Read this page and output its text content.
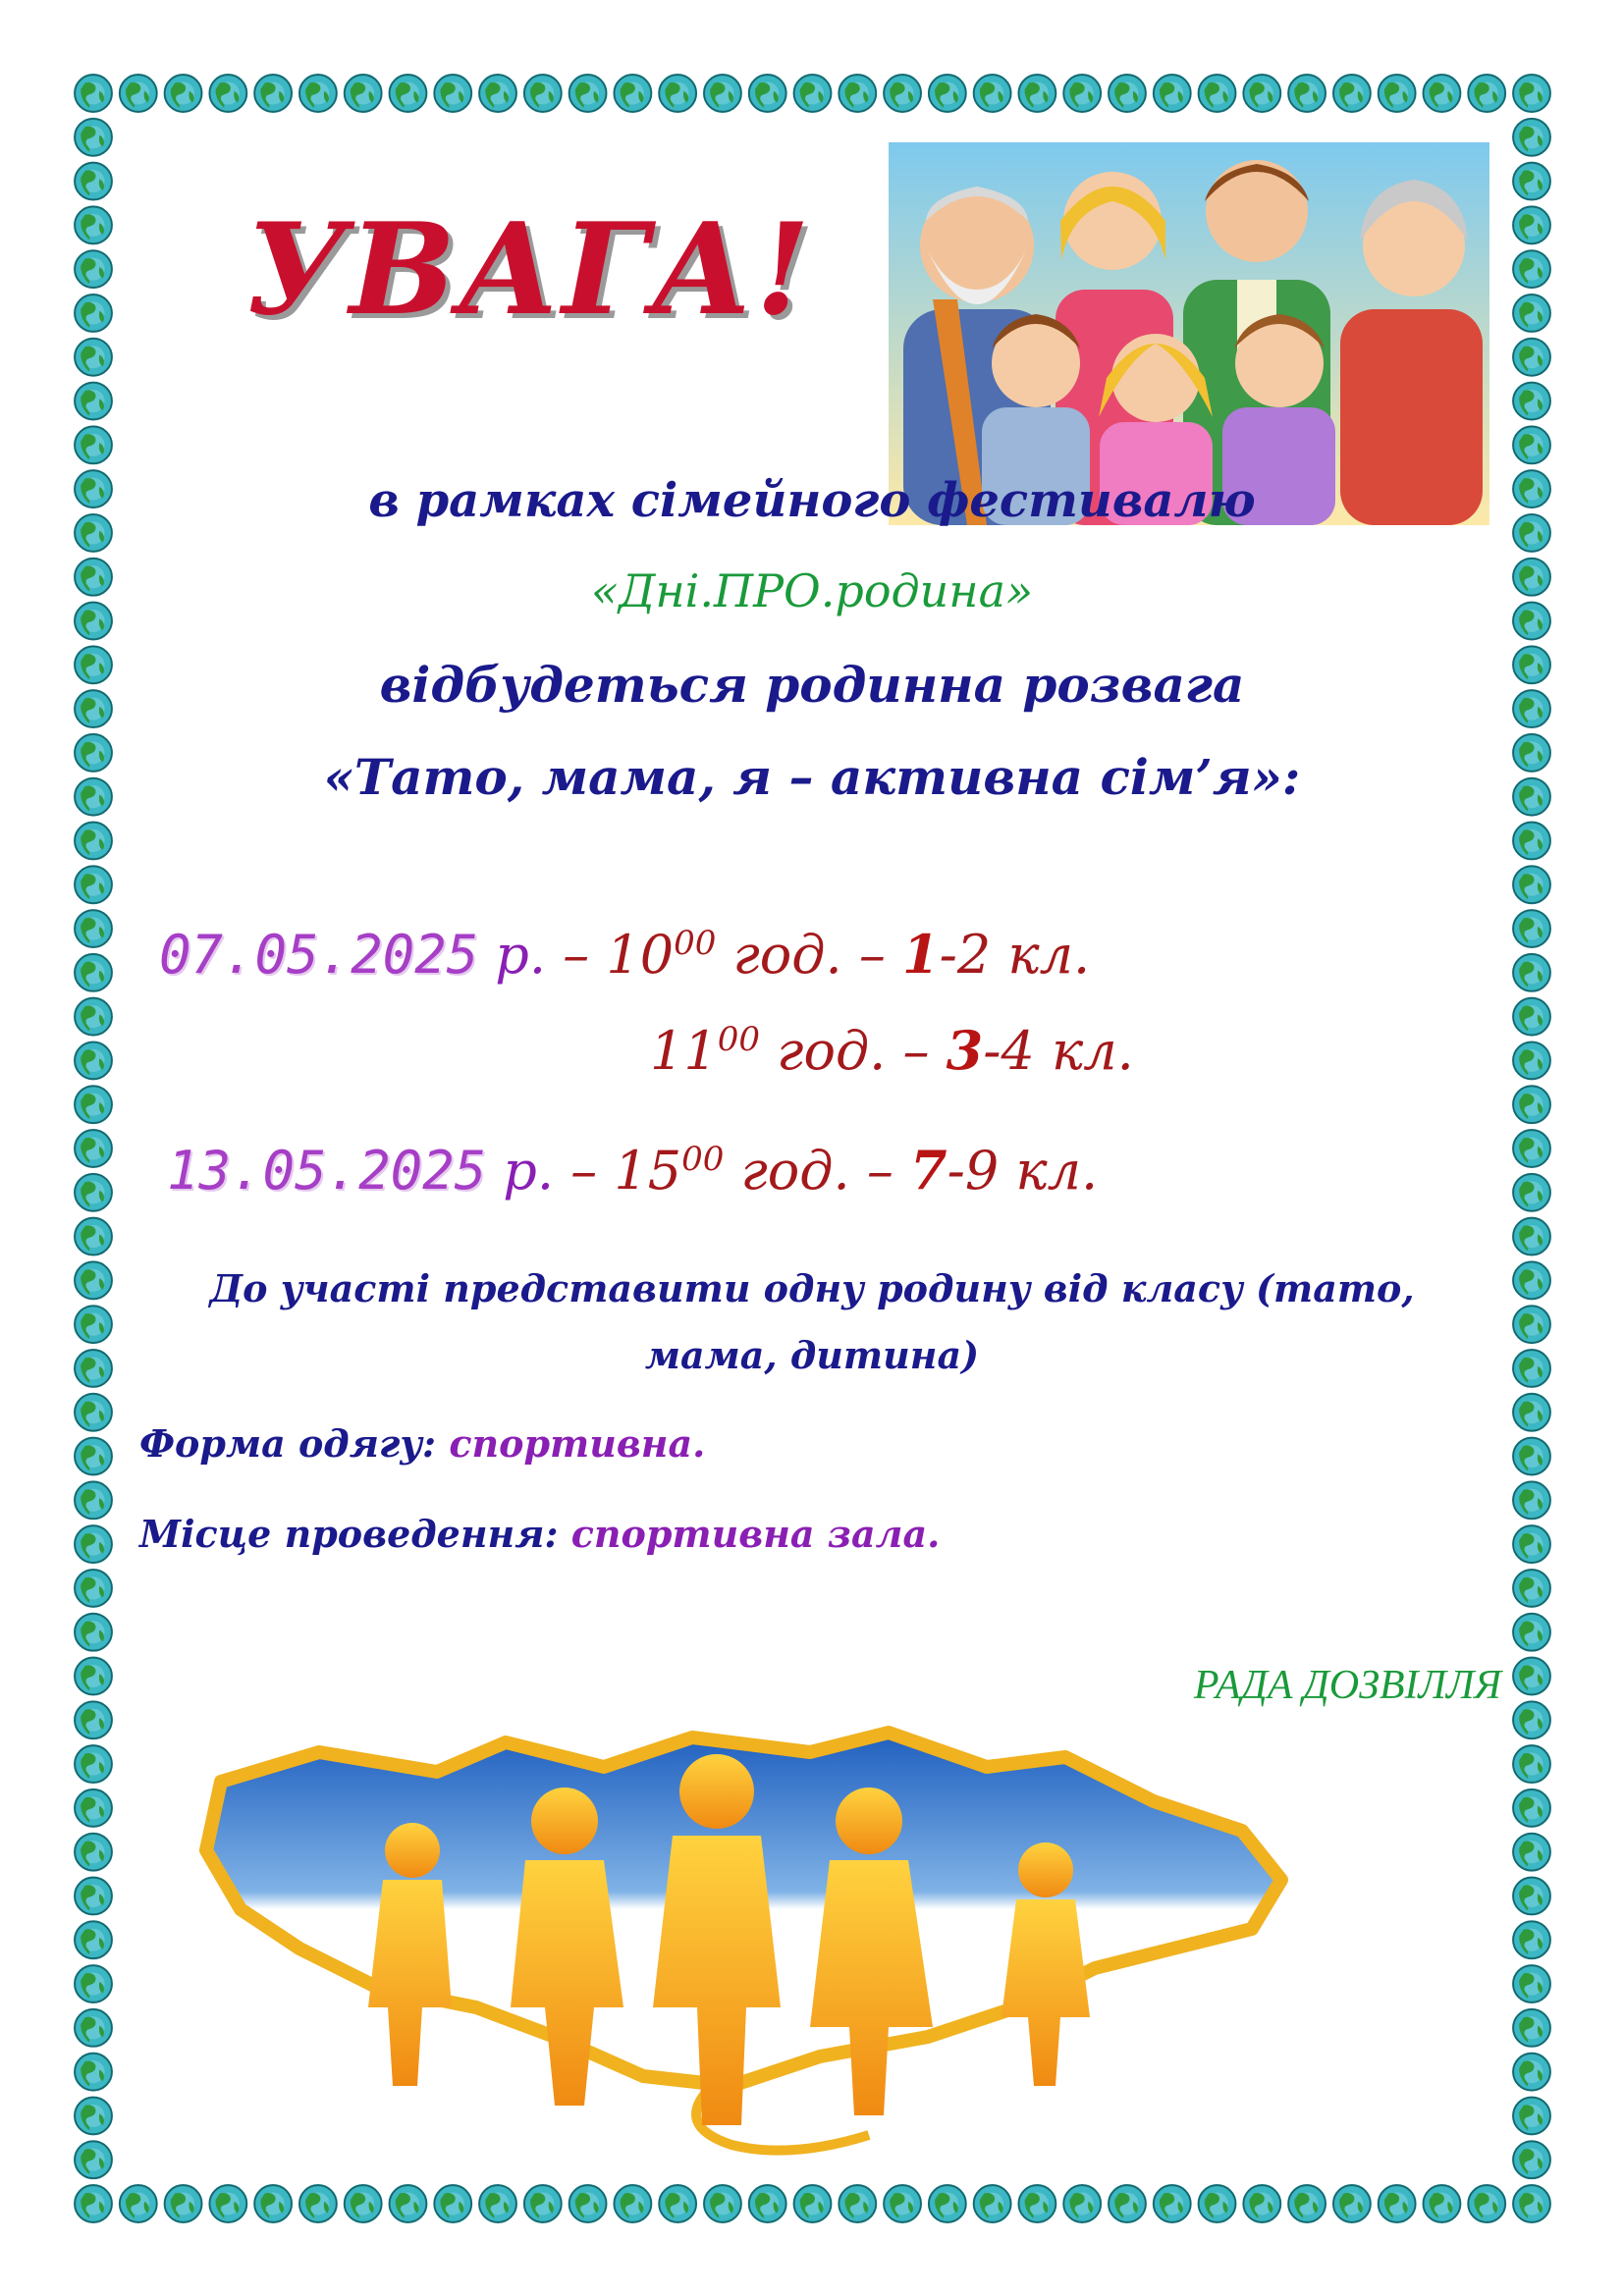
УВАГА!

в рамках сімейного фестивалю

«Дні.ПРО.родина»

відбудеться родинна розвага

«Тато, мама, я – активна сім’я»:

07.05.2025 р. – $10^{00}$ год. – 1-2 кл.

$11^{00}$ год. – 3-4 кл.

13.05.2025 р. – $15^{00}$ год. – 7-9 кл.

До участі представити одну родину від класу (тато,

мама, дитина)

Форма одягу: спортивна.

Місце проведення: спортивна зала.

РАДА ДОЗВІЛЛЯ
